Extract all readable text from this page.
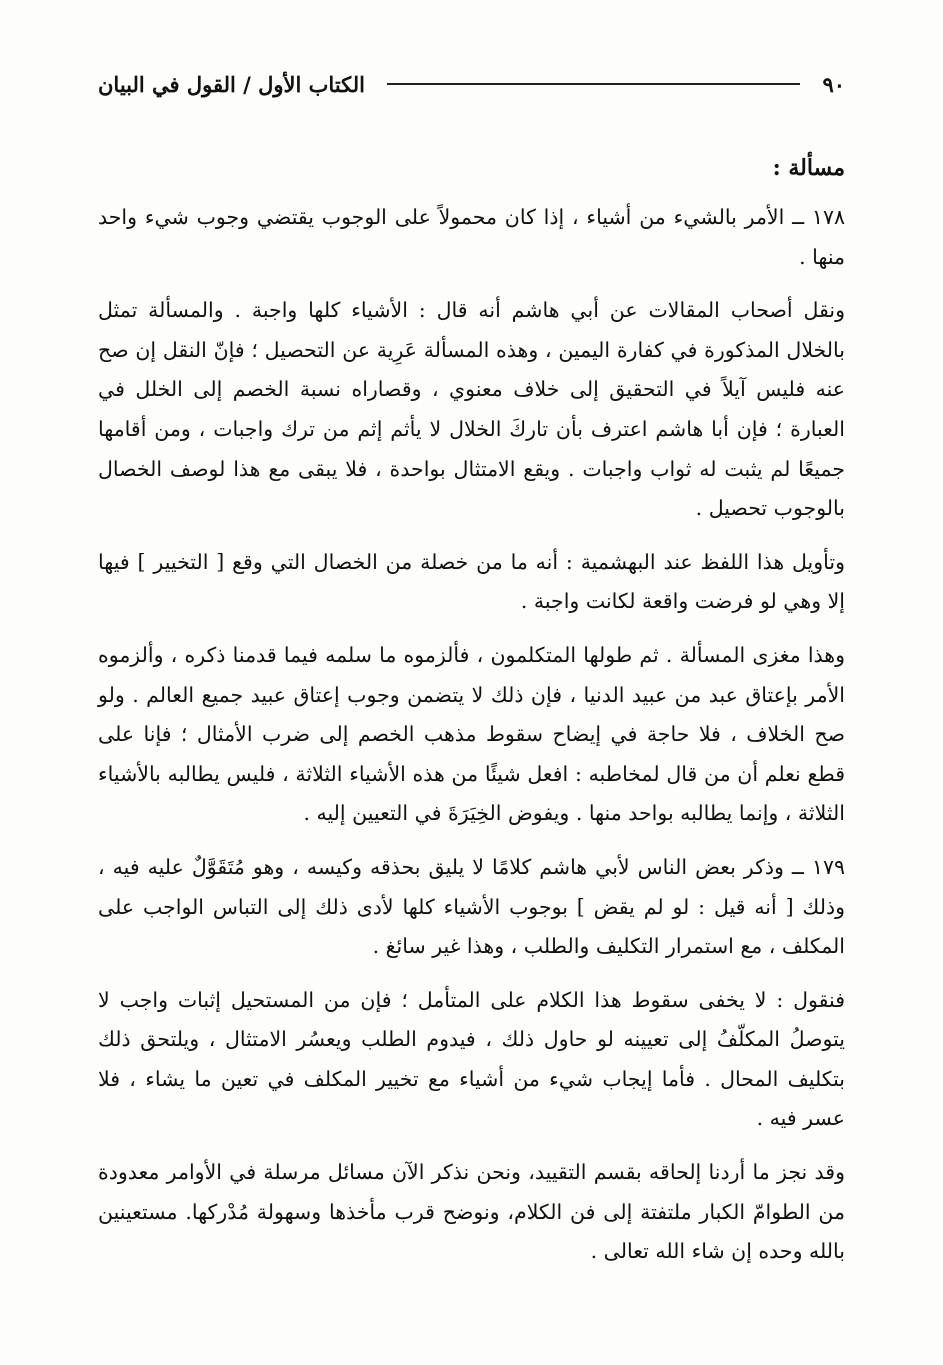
٩٠
الكتاب الأول / القول في البيان
مسألة :

١٧٨ ــ الأمر بالشيء من أشياء ، إذا كان محمولاً على الوجوب يقتضي وجوب شيء واحد منها .

ونقل أصحاب المقالات عن أبي هاشم أنه قال : الأشياء كلها واجبة . والمسألة تمثل بالخلال المذكورة في كفارة اليمين ، وهذه المسألة عَرِية عن التحصيل ؛ فإنّ النقل إن صح عنه فليس آيلاً في التحقيق إلى خلاف معنوي ، وقصاراه نسبة الخصم إلى الخلل في العبارة ؛ فإن أبا هاشم اعترف بأن تاركَ الخلال لا يأثم إثم من ترك واجبات ، ومن أقامها جميعًا لم يثبت له ثواب واجبات . ويقع الامتثال بواحدة ، فلا يبقى مع هذا لوصف الخصال بالوجوب تحصيل .

وتأويل هذا اللفظ عند البهشمية : أنه ما من خصلة من الخصال التي وقع [ التخيير ] فيها إلا وهي لو فرضت واقعة لكانت واجبة .

وهذا مغزى المسألة . ثم طولها المتكلمون ، فألزموه ما سلمه فيما قدمنا ذكره ، وألزموه الأمر بإعتاق عبد من عبيد الدنيا ، فإن ذلك لا يتضمن وجوب إعتاق عبيد جميع العالم . ولو صح الخلاف ، فلا حاجة في إيضاح سقوط مذهب الخصم إلى ضرب الأمثال ؛ فإنا على قطع نعلم أن من قال لمخاطبه : افعل شيئًا من هذه الأشياء الثلاثة ، فليس يطالبه بالأشياء الثلاثة ، وإنما يطالبه بواحد منها . ويفوض الخِيَرَةَ في التعيين إليه .

١٧٩ ــ وذكر بعض الناس لأبي هاشم كلامًا لا يليق بحذقه وكيسه ، وهو مُتَقَوَّلٌ عليه فيه ، وذلك [ أنه قيل : لو لم يقض ] بوجوب الأشياء كلها لأدى ذلك إلى التباس الواجب على المكلف ، مع استمرار التكليف والطلب ، وهذا غير سائغ .

فنقول : لا يخفى سقوط هذا الكلام على المتأمل ؛ فإن من المستحيل إثبات واجب لا يتوصلُ المكلّفُ إلى تعيينه لو حاول ذلك ، فيدوم الطلب ويعسُر الامتثال ، ويلتحق ذلك بتكليف المحال . فأما إيجاب شيء من أشياء مع تخيير المكلف في تعين ما يشاء ، فلا عسر فيه .

وقد نجز ما أردنا إلحاقه بقسم التقييد، ونحن نذكر الآن مسائل مرسلة في الأوامر معدودة من الطوامّ الكبار ملتفتة إلى فن الكلام، ونوضح قرب مأخذها وسهولة مُدْركها. مستعينين بالله وحده إن شاء الله تعالى .
